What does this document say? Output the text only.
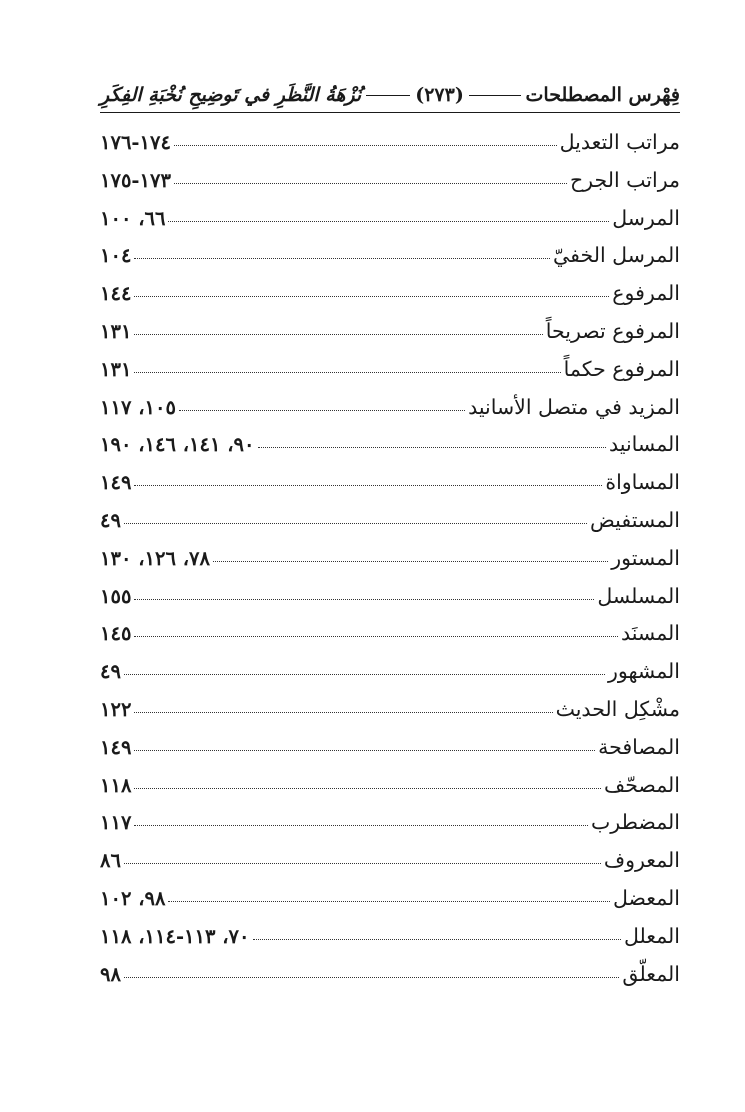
فِهْرس المصطلحات
(٢٧٣)
نُزْهَةُ النَّظَرِ في تَوضِيحِ نُخْبَةِ الفِكَرِ
مراتب التعديل
١٧٤-١٧٦
مراتب الجرح
١٧٣-١٧٥
المرسل
٦٦، ١٠٠
المرسل الخفيّ
١٠٤
المرفوع
١٤٤
المرفوع تصريحاً
١٣١
المرفوع حكماً
١٣١
المزيد في متصل الأسانيد
١٠٥، ١١٧
المسانيد
٩٠، ١٤١، ١٤٦، ١٩٠
المساواة
١٤٩
المستفيض
٤٩
المستور
٧٨، ١٢٦، ١٣٠
المسلسل
١٥٥
المسنَد
١٤٥
المشهور
٤٩
مشْكِل الحديث
١٢٢
المصافحة
١٤٩
المصحّف
١١٨
المضطرب
١١٧
المعروف
٨٦
المعضل
٩٨، ١٠٢
المعلل
٧٠، ١١٣-١١٤، ١١٨
المعلّق
٩٨
